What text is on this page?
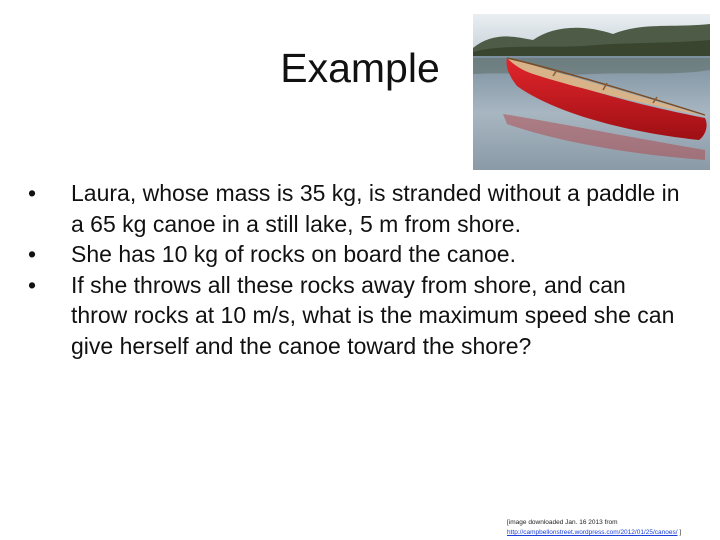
Example
•	Laura, whose mass is 35 kg, is stranded without a paddle in a 65 kg canoe in a still lake, 5 m from shore.
•	She has 10 kg of rocks on board the canoe.
•	If she throws all these rocks away from shore, and can throw rocks at 10 m/s, what is the maximum speed she can give herself and the canoe toward the shore?
[image downloaded Jan. 16 2013 from
http://campbellonstreet.wordpress.com/2012/01/25/canoes/ ]
